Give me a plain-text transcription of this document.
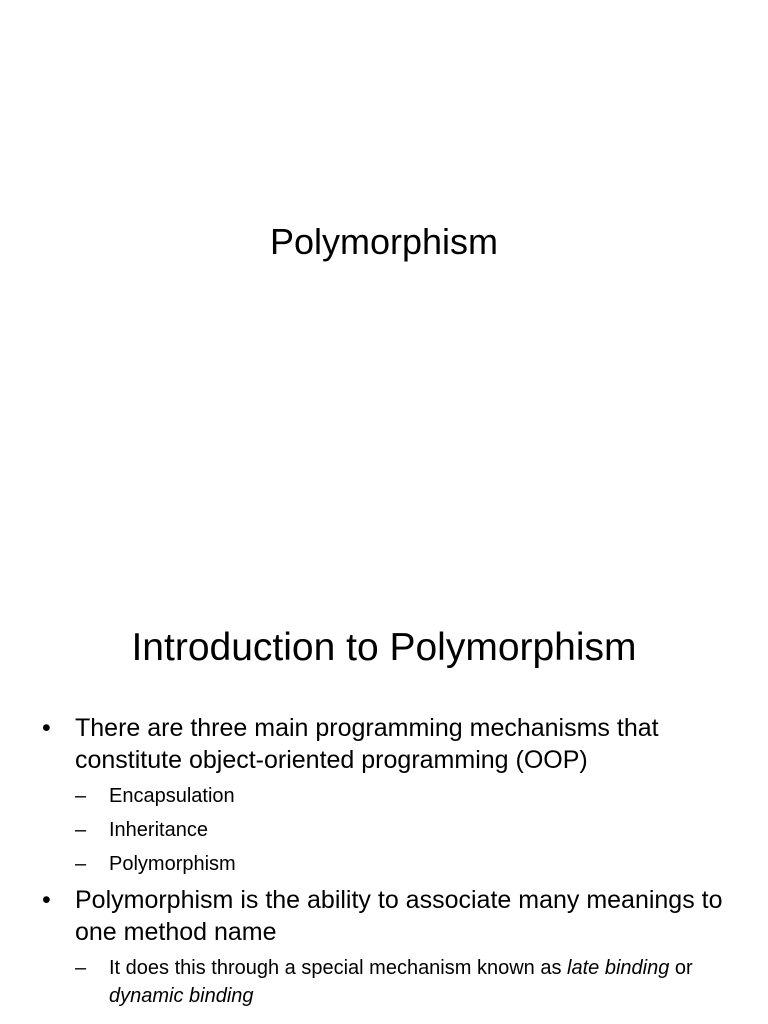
Polymorphism
Introduction to Polymorphism
• There are three main programming mechanisms that constitute object-oriented programming (OOP)
– Encapsulation
– Inheritance
– Polymorphism
• Polymorphism is the ability to associate many meanings to one method name
– It does this through a special mechanism known as late binding or dynamic binding
